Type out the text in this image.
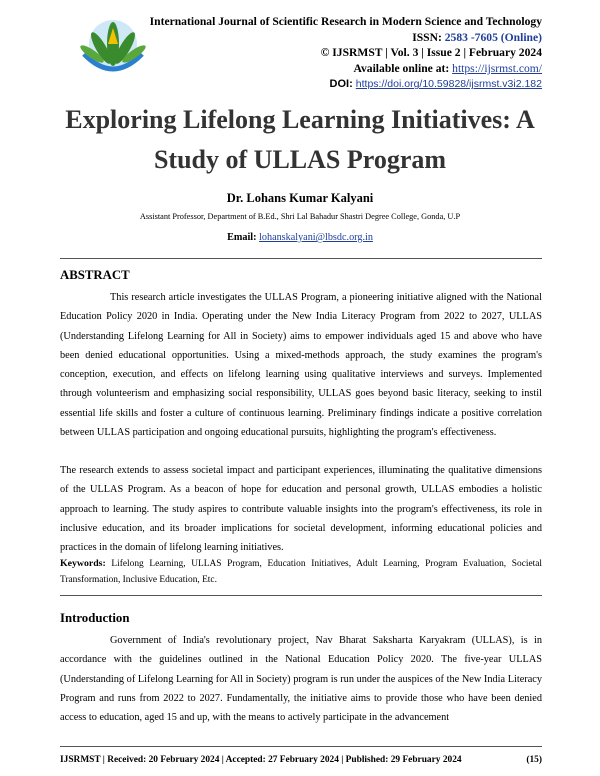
International Journal of Scientific Research in Modern Science and Technology
ISSN: 2583 -7605 (Online)
© IJSRMST | Vol. 3 | Issue 2 | February 2024
Available online at: https://ijsrmst.com/
DOI: https://doi.org/10.59828/ijsrmst.v3i2.182
Exploring Lifelong Learning Initiatives: A
Study of ULLAS Program
Dr. Lohans Kumar Kalyani
Assistant Professor, Department of B.Ed., Shri Lal Bahadur Shastri Degree College, Gonda, U.P
Email: lohanskalyani@lbsdc.org.in
ABSTRACT

This research article investigates the ULLAS Program, a pioneering initiative aligned with the National Education Policy 2020 in India. Operating under the New India Literacy Program from 2022 to 2027, ULLAS (Understanding Lifelong Learning for All in Society) aims to empower individuals aged 15 and above who have been denied educational opportunities. Using a mixed-methods approach, the study examines the program's conception, execution, and effects on lifelong learning using qualitative interviews and surveys. Implemented through volunteerism and emphasizing social responsibility, ULLAS goes beyond basic literacy, seeking to instil essential life skills and foster a culture of continuous learning. Preliminary findings indicate a positive correlation between ULLAS participation and ongoing educational pursuits, highlighting the program's effectiveness.

The research extends to assess societal impact and participant experiences, illuminating the qualitative dimensions of the ULLAS Program. As a beacon of hope for education and personal growth, ULLAS embodies a holistic approach to learning. The study aspires to contribute valuable insights into the program's effectiveness, its role in inclusive education, and its broader implications for societal development, informing educational policies and practices in the domain of lifelong learning initiatives.

Keywords: Lifelong Learning, ULLAS Program, Education Initiatives, Adult Learning, Program Evaluation, Societal Transformation, Inclusive Education, Etc.

Introduction

Government of India's revolutionary project, Nav Bharat Saksharta Karyakram (ULLAS), is in accordance with the guidelines outlined in the National Education Policy 2020. The five-year ULLAS (Understanding of Lifelong Learning for All in Society) program is run under the auspices of the New India Literacy Program and runs from 2022 to 2027. Fundamentally, the initiative aims to provide those who have been denied access to education, aged 15 and up, with the means to actively participate in the advancement

IJSRMST | Received: 20 February 2024 | Accepted: 27 February 2024 | Published: 29 February 2024	(15)
